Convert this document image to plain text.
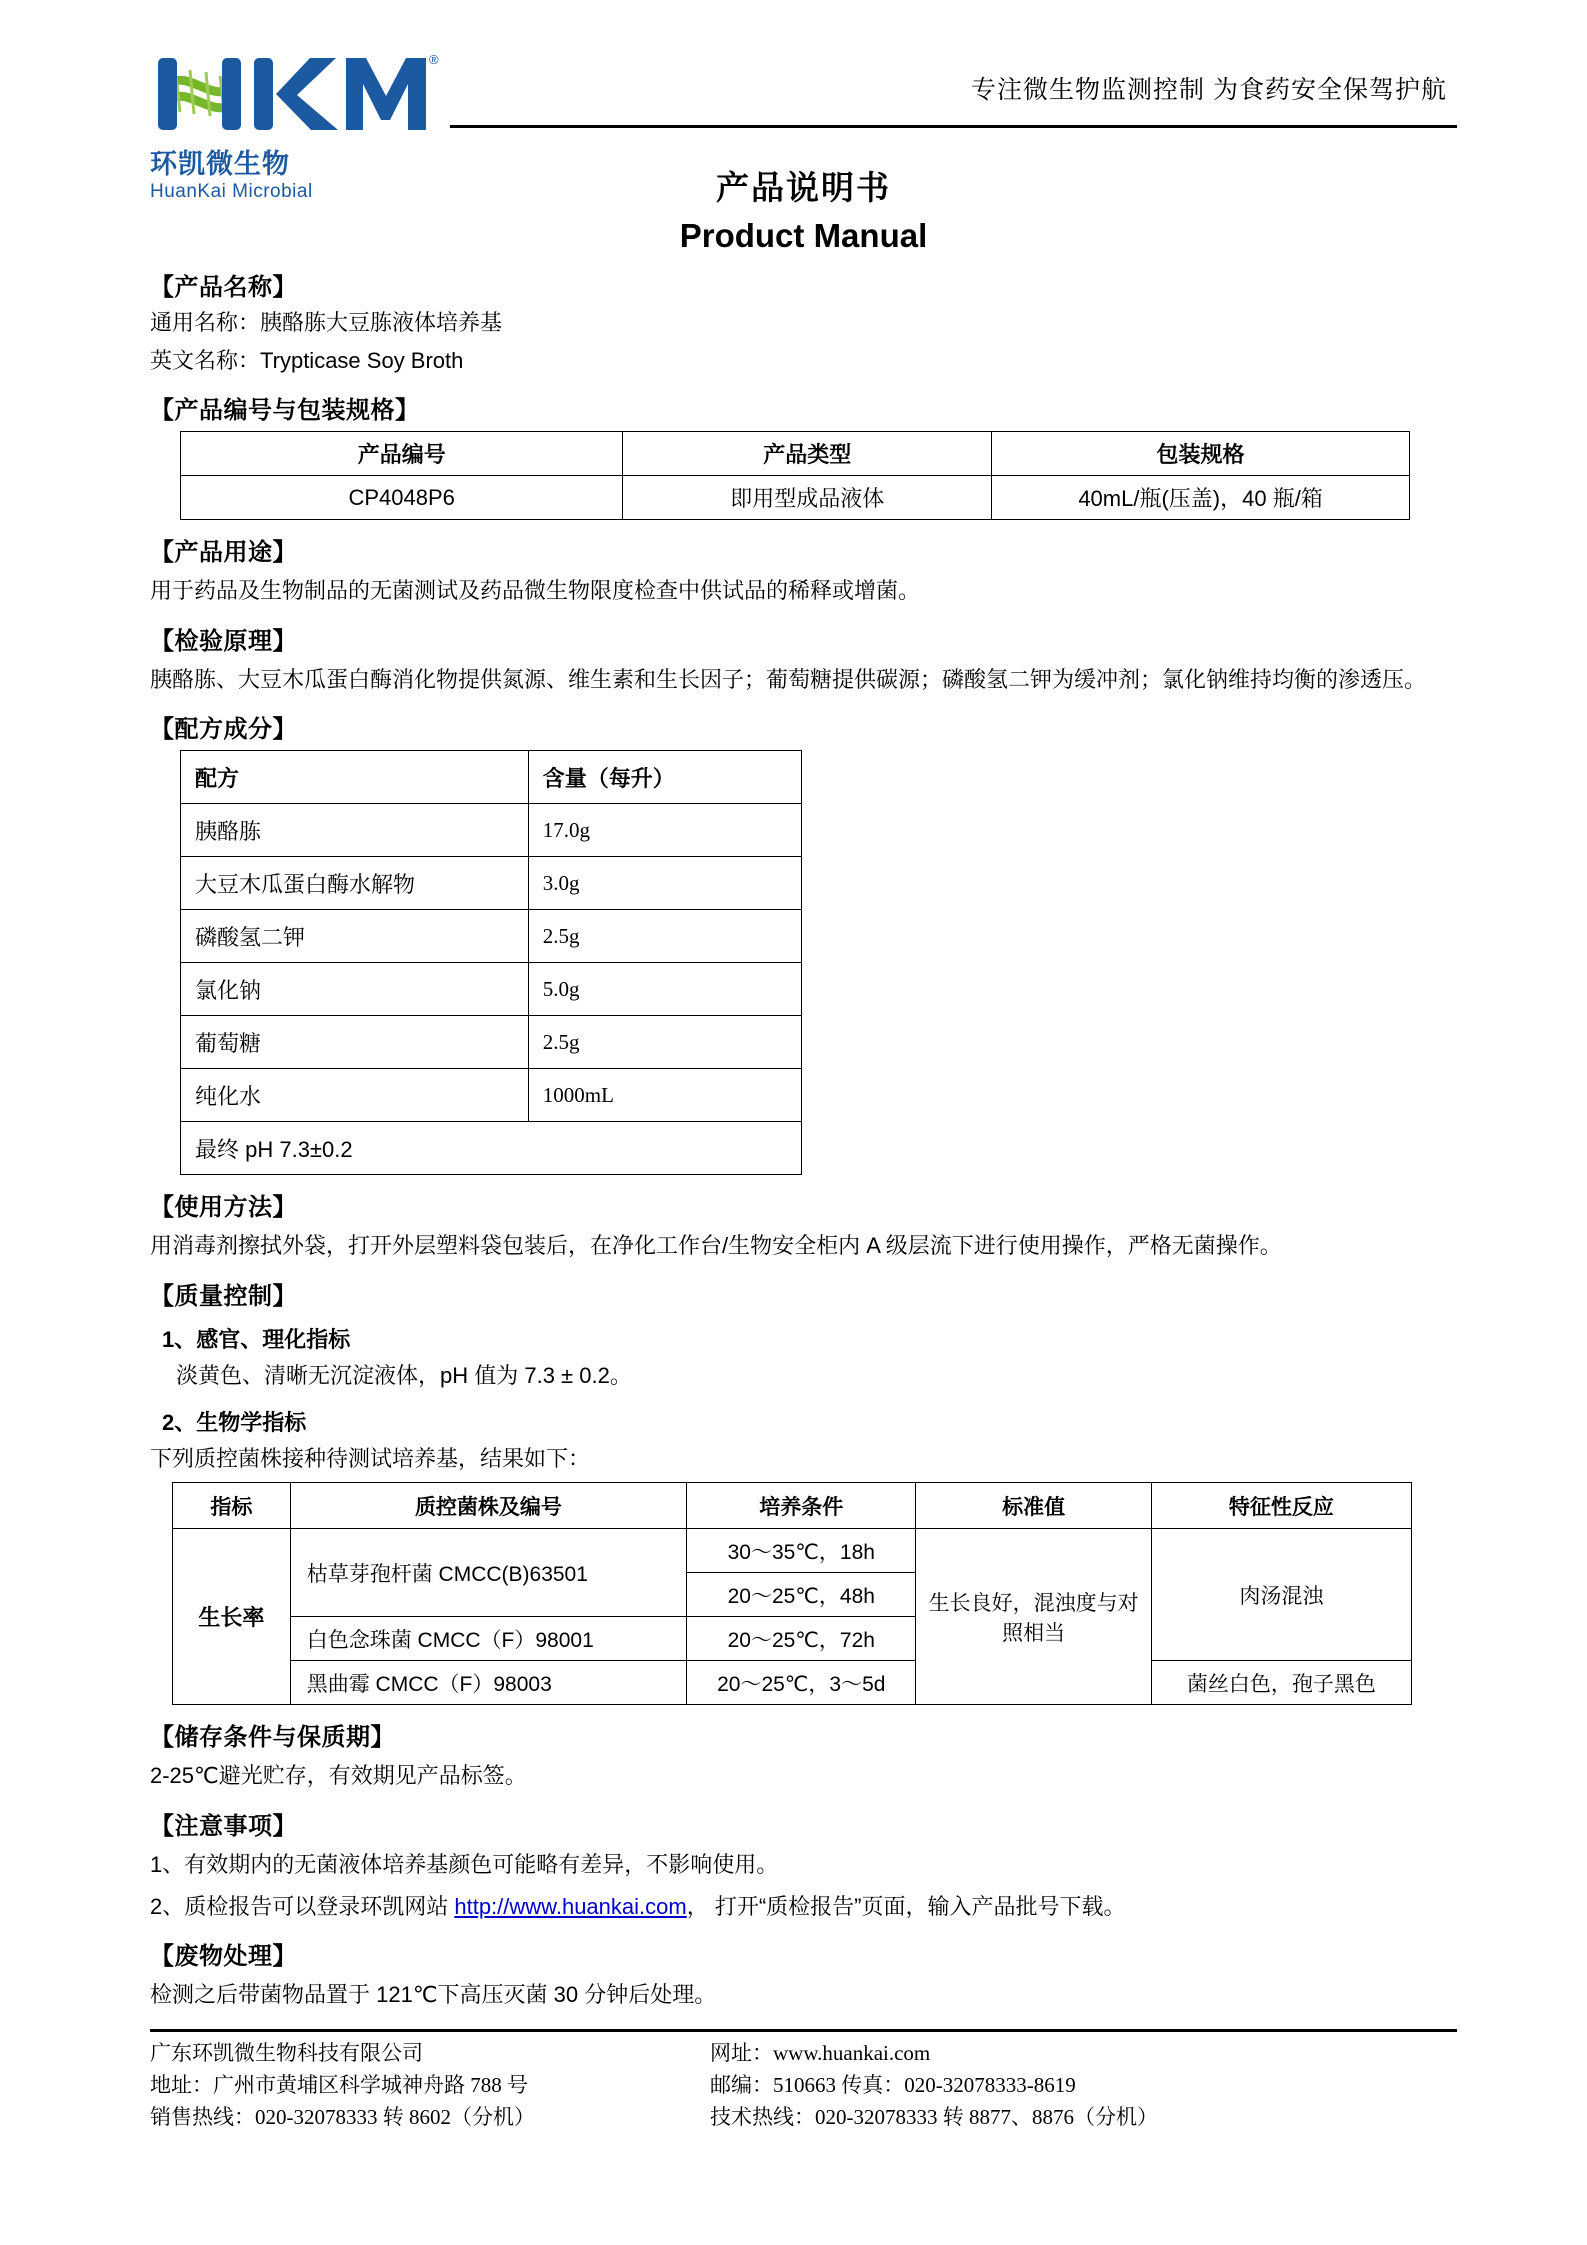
®
环凯微生物
HuanKai Microbial
专注微生物监测控制 为食药安全保驾护航
产品说明书
Product Manual
【产品名称】
通用名称：胰酪胨大豆胨液体培养基
英文名称：Trypticase Soy Broth
【产品编号与包装规格】
产品编号	产品类型	包装规格
CP4048P6	即用型成品液体	40mL/瓶(压盖)，40 瓶/箱
【产品用途】
用于药品及生物制品的无菌测试及药品微生物限度检查中供试品的稀释或增菌。
【检验原理】
胰酪胨、大豆木瓜蛋白酶消化物提供氮源、维生素和生长因子；葡萄糖提供碳源；磷酸氢二钾为缓冲剂；氯化钠维持均衡的渗透压。
【配方成分】
配方	含量（每升）
胰酪胨	17.0g
大豆木瓜蛋白酶水解物	3.0g
磷酸氢二钾	2.5g
氯化钠	5.0g
葡萄糖	2.5g
纯化水	1000mL
最终 pH 7.3±0.2	
【使用方法】
用消毒剂擦拭外袋，打开外层塑料袋包装后，在净化工作台/生物安全柜内 A 级层流下进行使用操作，严格无菌操作。
【质量控制】
1、感官、理化指标
淡黄色、清晰无沉淀液体，pH 值为 7.3 ± 0.2。
2、生物学指标
下列质控菌株接种待测试培养基，结果如下：
指标	质控菌株及编号	培养条件	标准值	特征性反应
生长率	枯草芽孢杆菌 CMCC(B)63501	30～35℃，18h	生长良好，混浊度与对照相当	肉汤混浊
		20～25℃，48h		
	白色念珠菌 CMCC（F）98001	20～25℃，72h		
	黑曲霉 CMCC（F）98003	20～25℃，3～5d		菌丝白色，孢子黑色
【储存条件与保质期】
2-25℃避光贮存，有效期见产品标签。
【注意事项】
1、有效期内的无菌液体培养基颜色可能略有差异，不影响使用。
2、质检报告可以登录环凯网站 http://www.huankai.com， 打开“质检报告”页面，输入产品批号下载。
【废物处理】
检测之后带菌物品置于 121℃下高压灭菌 30 分钟后处理。
广东环凯微生物科技有限公司
地址：广州市黄埔区科学城神舟路 788 号
销售热线：020-32078333 转 8602（分机）
网址：www.huankai.com
邮编：510663 传真：020-32078333-8619
技术热线：020-32078333 转 8877、8876（分机）
